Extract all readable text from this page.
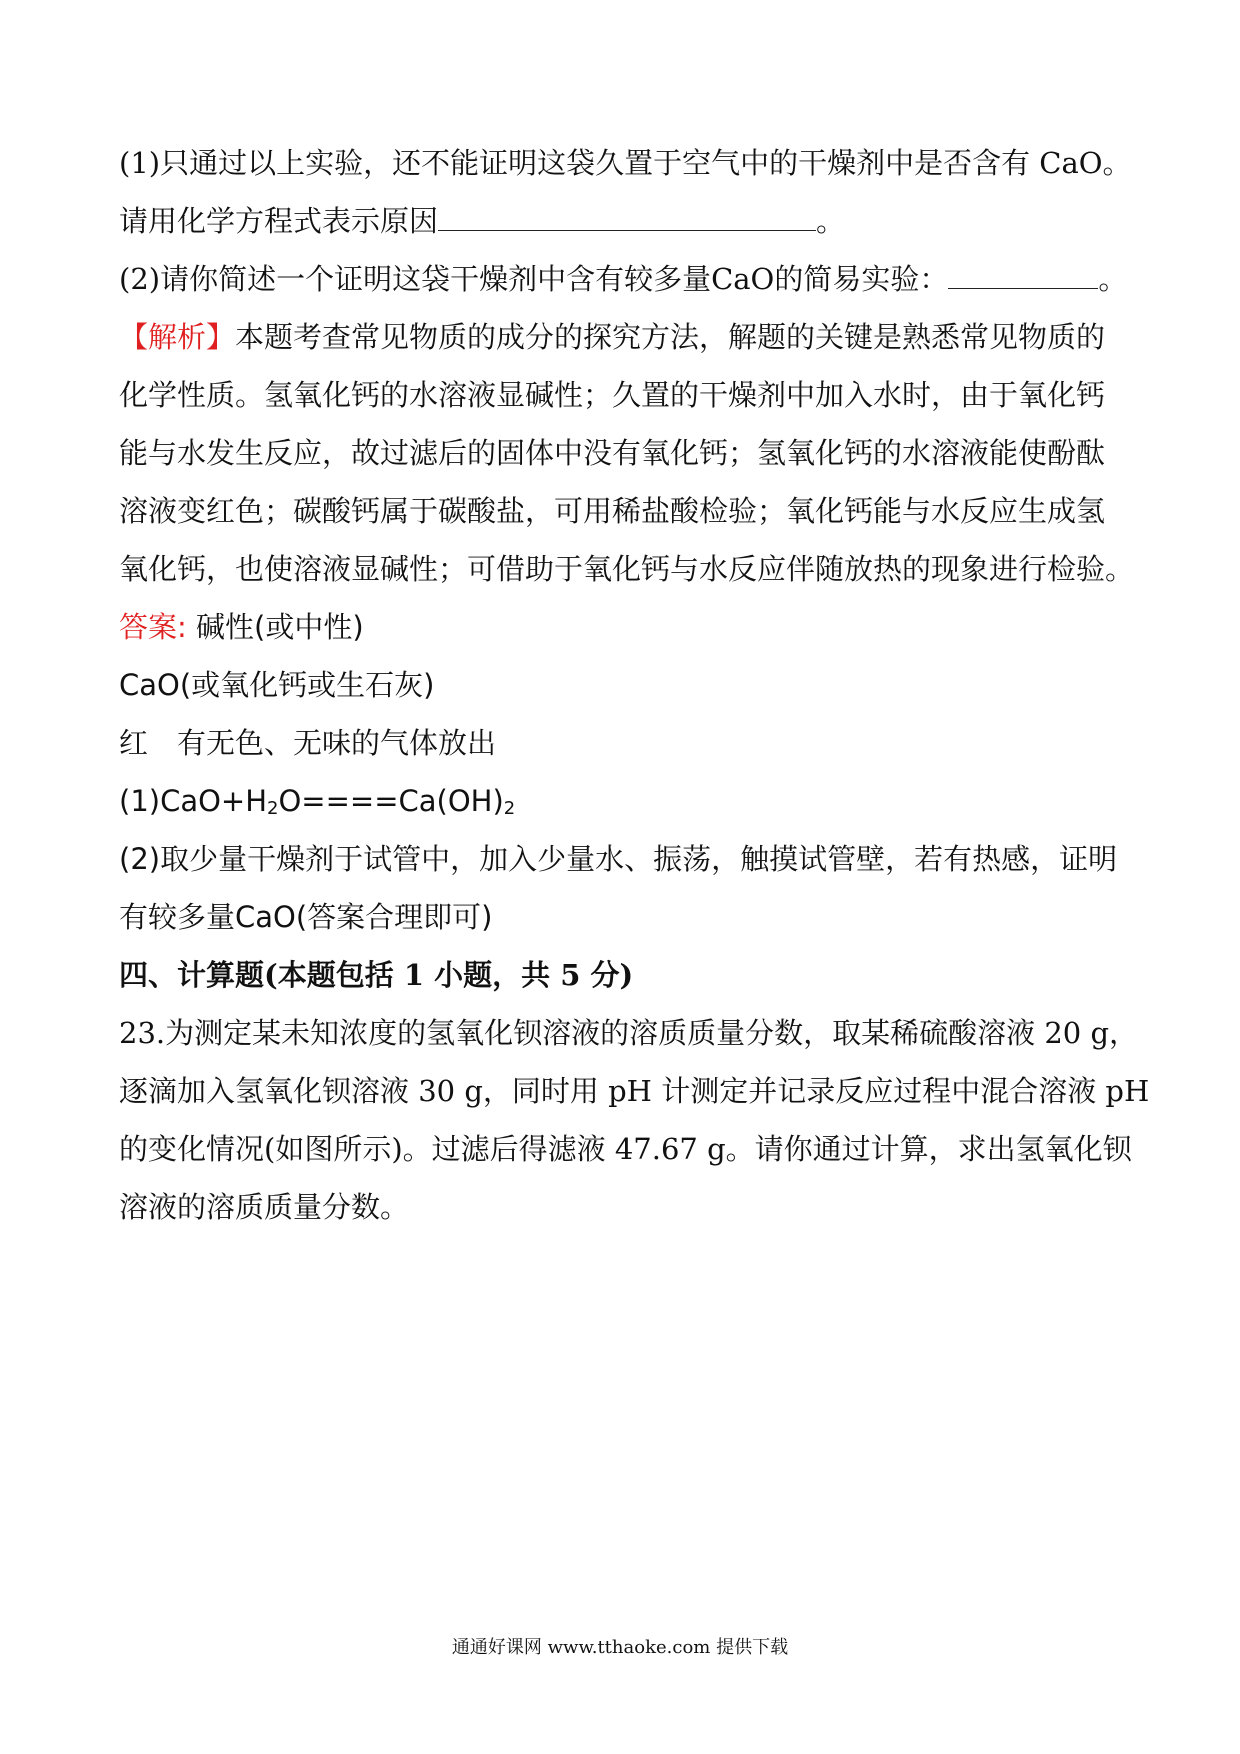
(1)只通过以上实验，还不能证明这袋久置于空气中的干燥剂中是否含有 CaO。
请用化学方程式表示原因	。
(2)请你简述一个证明这袋干燥剂中含有较多量CaO的简易实验：	。
【解析】本题考查常见物质的成分的探究方法，解题的关键是熟悉常见物质的
化学性质。氢氧化钙的水溶液显碱性；久置的干燥剂中加入水时，由于氧化钙
能与水发生反应，故过滤后的固体中没有氧化钙；氢氧化钙的水溶液能使酚酞
溶液变红色；碳酸钙属于碳酸盐，可用稀盐酸检验；氧化钙能与水反应生成氢
氧化钙，也使溶液显碱性；可借助于氧化钙与水反应伴随放热的现象进行检验。
答案: 碱性(或中性)
CaO(或氧化钙或生石灰)
红　有无色、无味的气体放出
$(1)CaO+H_2O====Ca(OH)_2$
(2)取少量干燥剂于试管中，加入少量水、振荡，触摸试管壁，若有热感，证明
有较多量CaO(答案合理即可)
四、计算题(本题包括 1 小题，共 5 分)
23.为测定某未知浓度的氢氧化钡溶液的溶质质量分数，取某稀硫酸溶液 20 g，
逐滴加入氢氧化钡溶液 30 g，同时用 pH 计测定并记录反应过程中混合溶液 pH
的变化情况(如图所示)。过滤后得滤液 47.67 g。请你通过计算，求出氢氧化钡
溶液的溶质质量分数。
通通好课网 www.tthaoke.com 提供下载
